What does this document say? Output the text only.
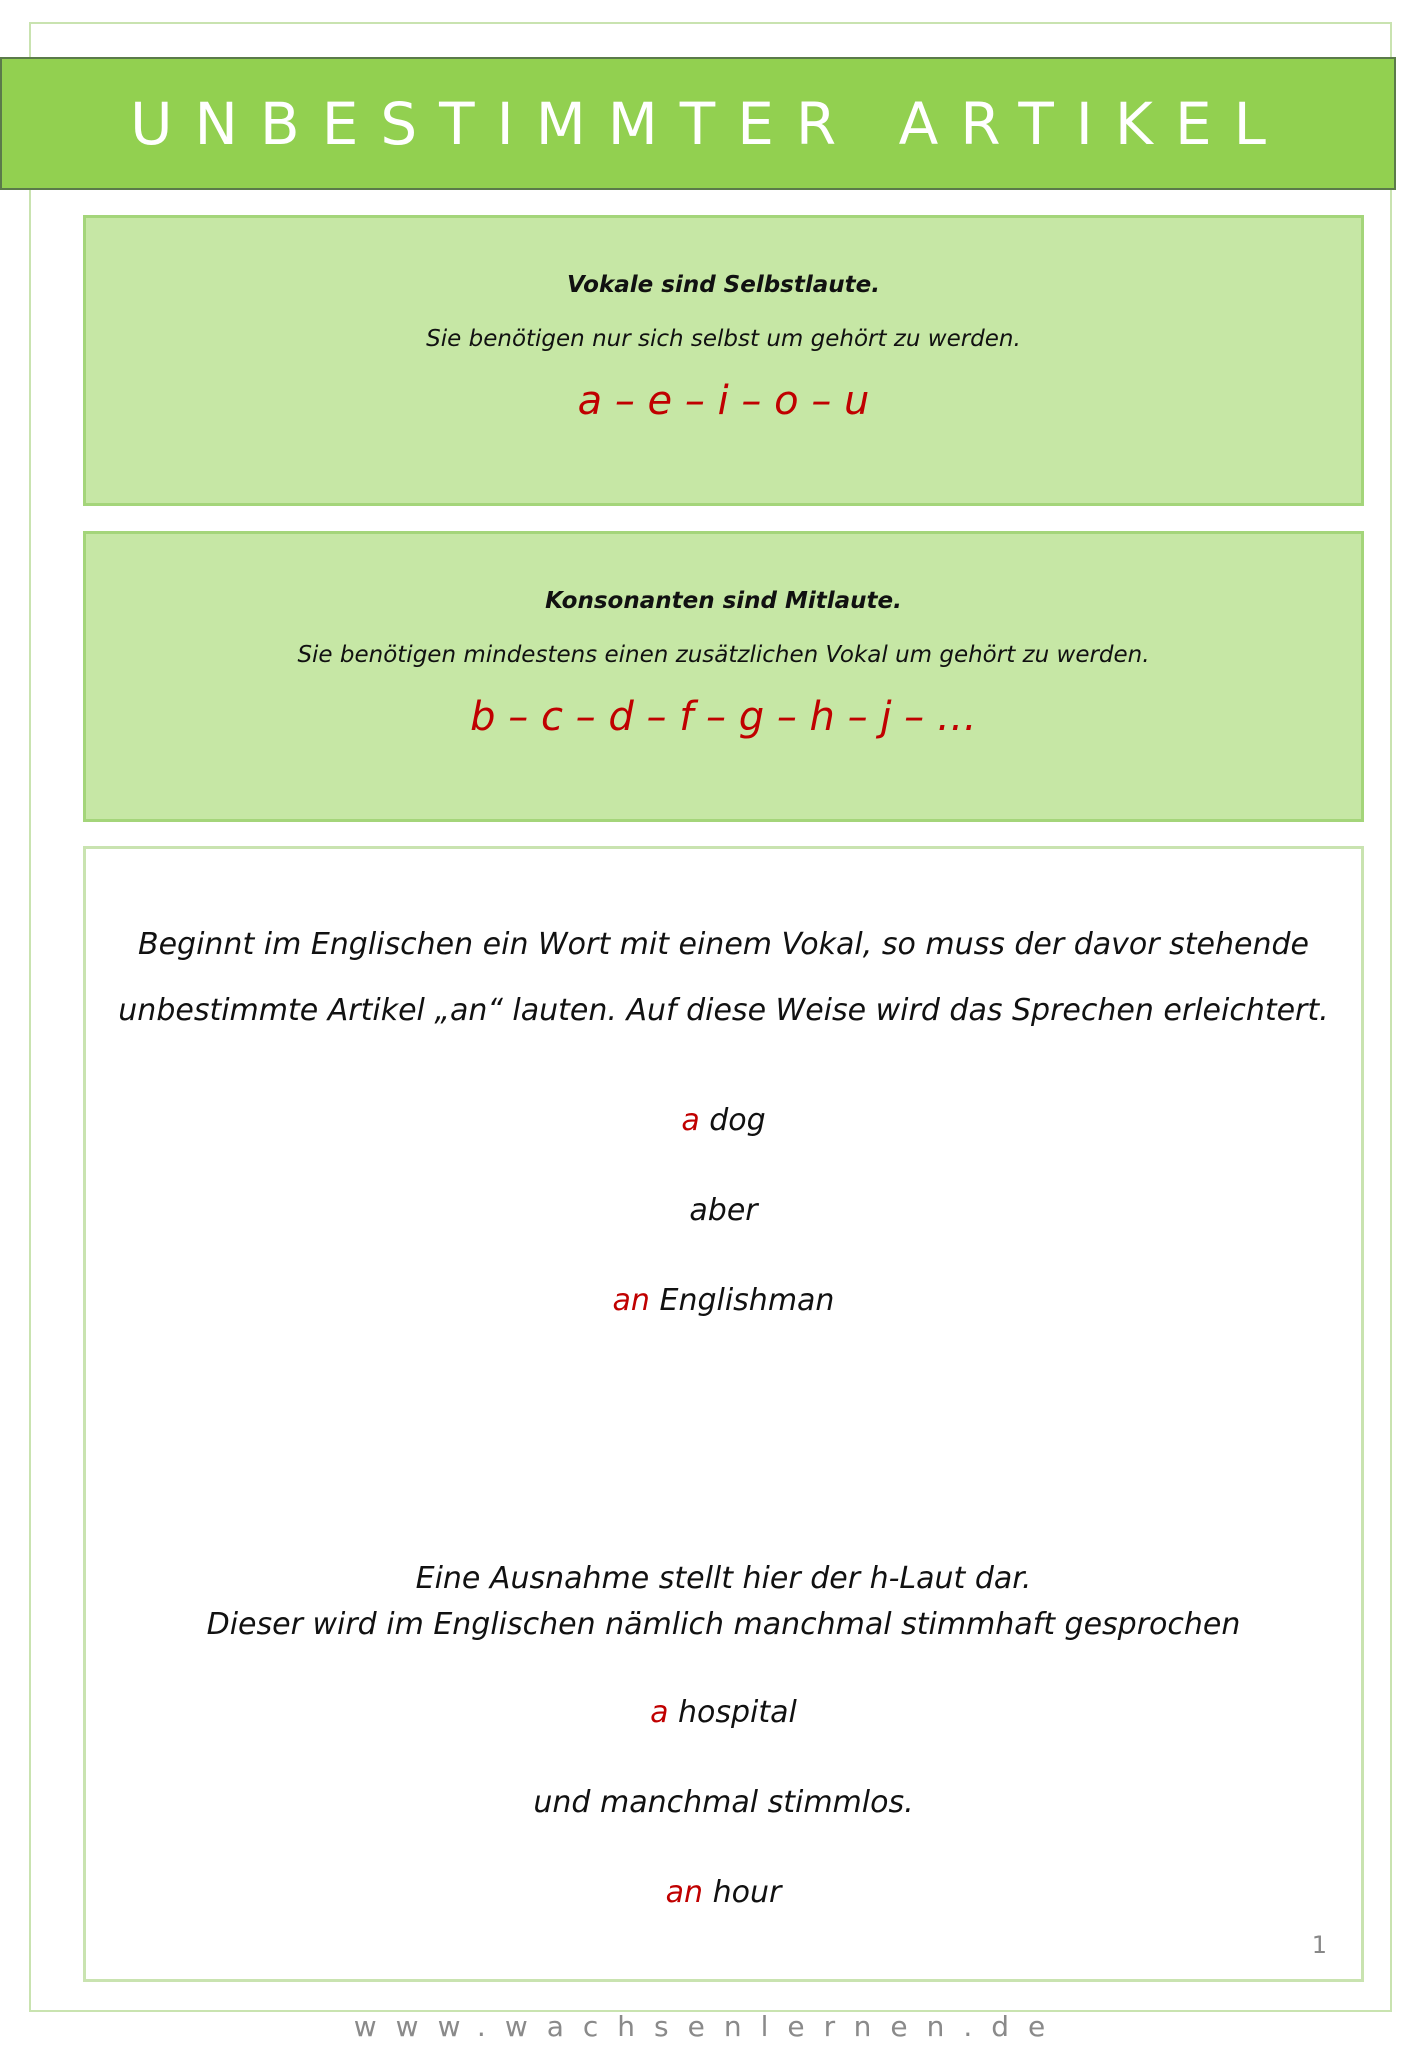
UNBESTIMMTER ARTIKEL
Vokale sind Selbstlaute.
Sie benötigen nur sich selbst um gehört zu werden.
a – e – i – o – u
Konsonanten sind Mitlaute.
Sie benötigen mindestens einen zusätzlichen Vokal um gehört zu werden.
b – c – d – f – g – h – j – …
Beginnt im Englischen ein Wort mit einem Vokal, so muss der davor stehende
unbestimmte Artikel „an“ lauten. Auf diese Weise wird das Sprechen erleichtert.
a dog
aber
an Englishman
Eine Ausnahme stellt hier der h-Laut dar.
Dieser wird im Englischen nämlich manchmal stimmhaft gesprochen
a hospital
und manchmal stimmlos.
an hour
1
www.wachsenlernen.de
